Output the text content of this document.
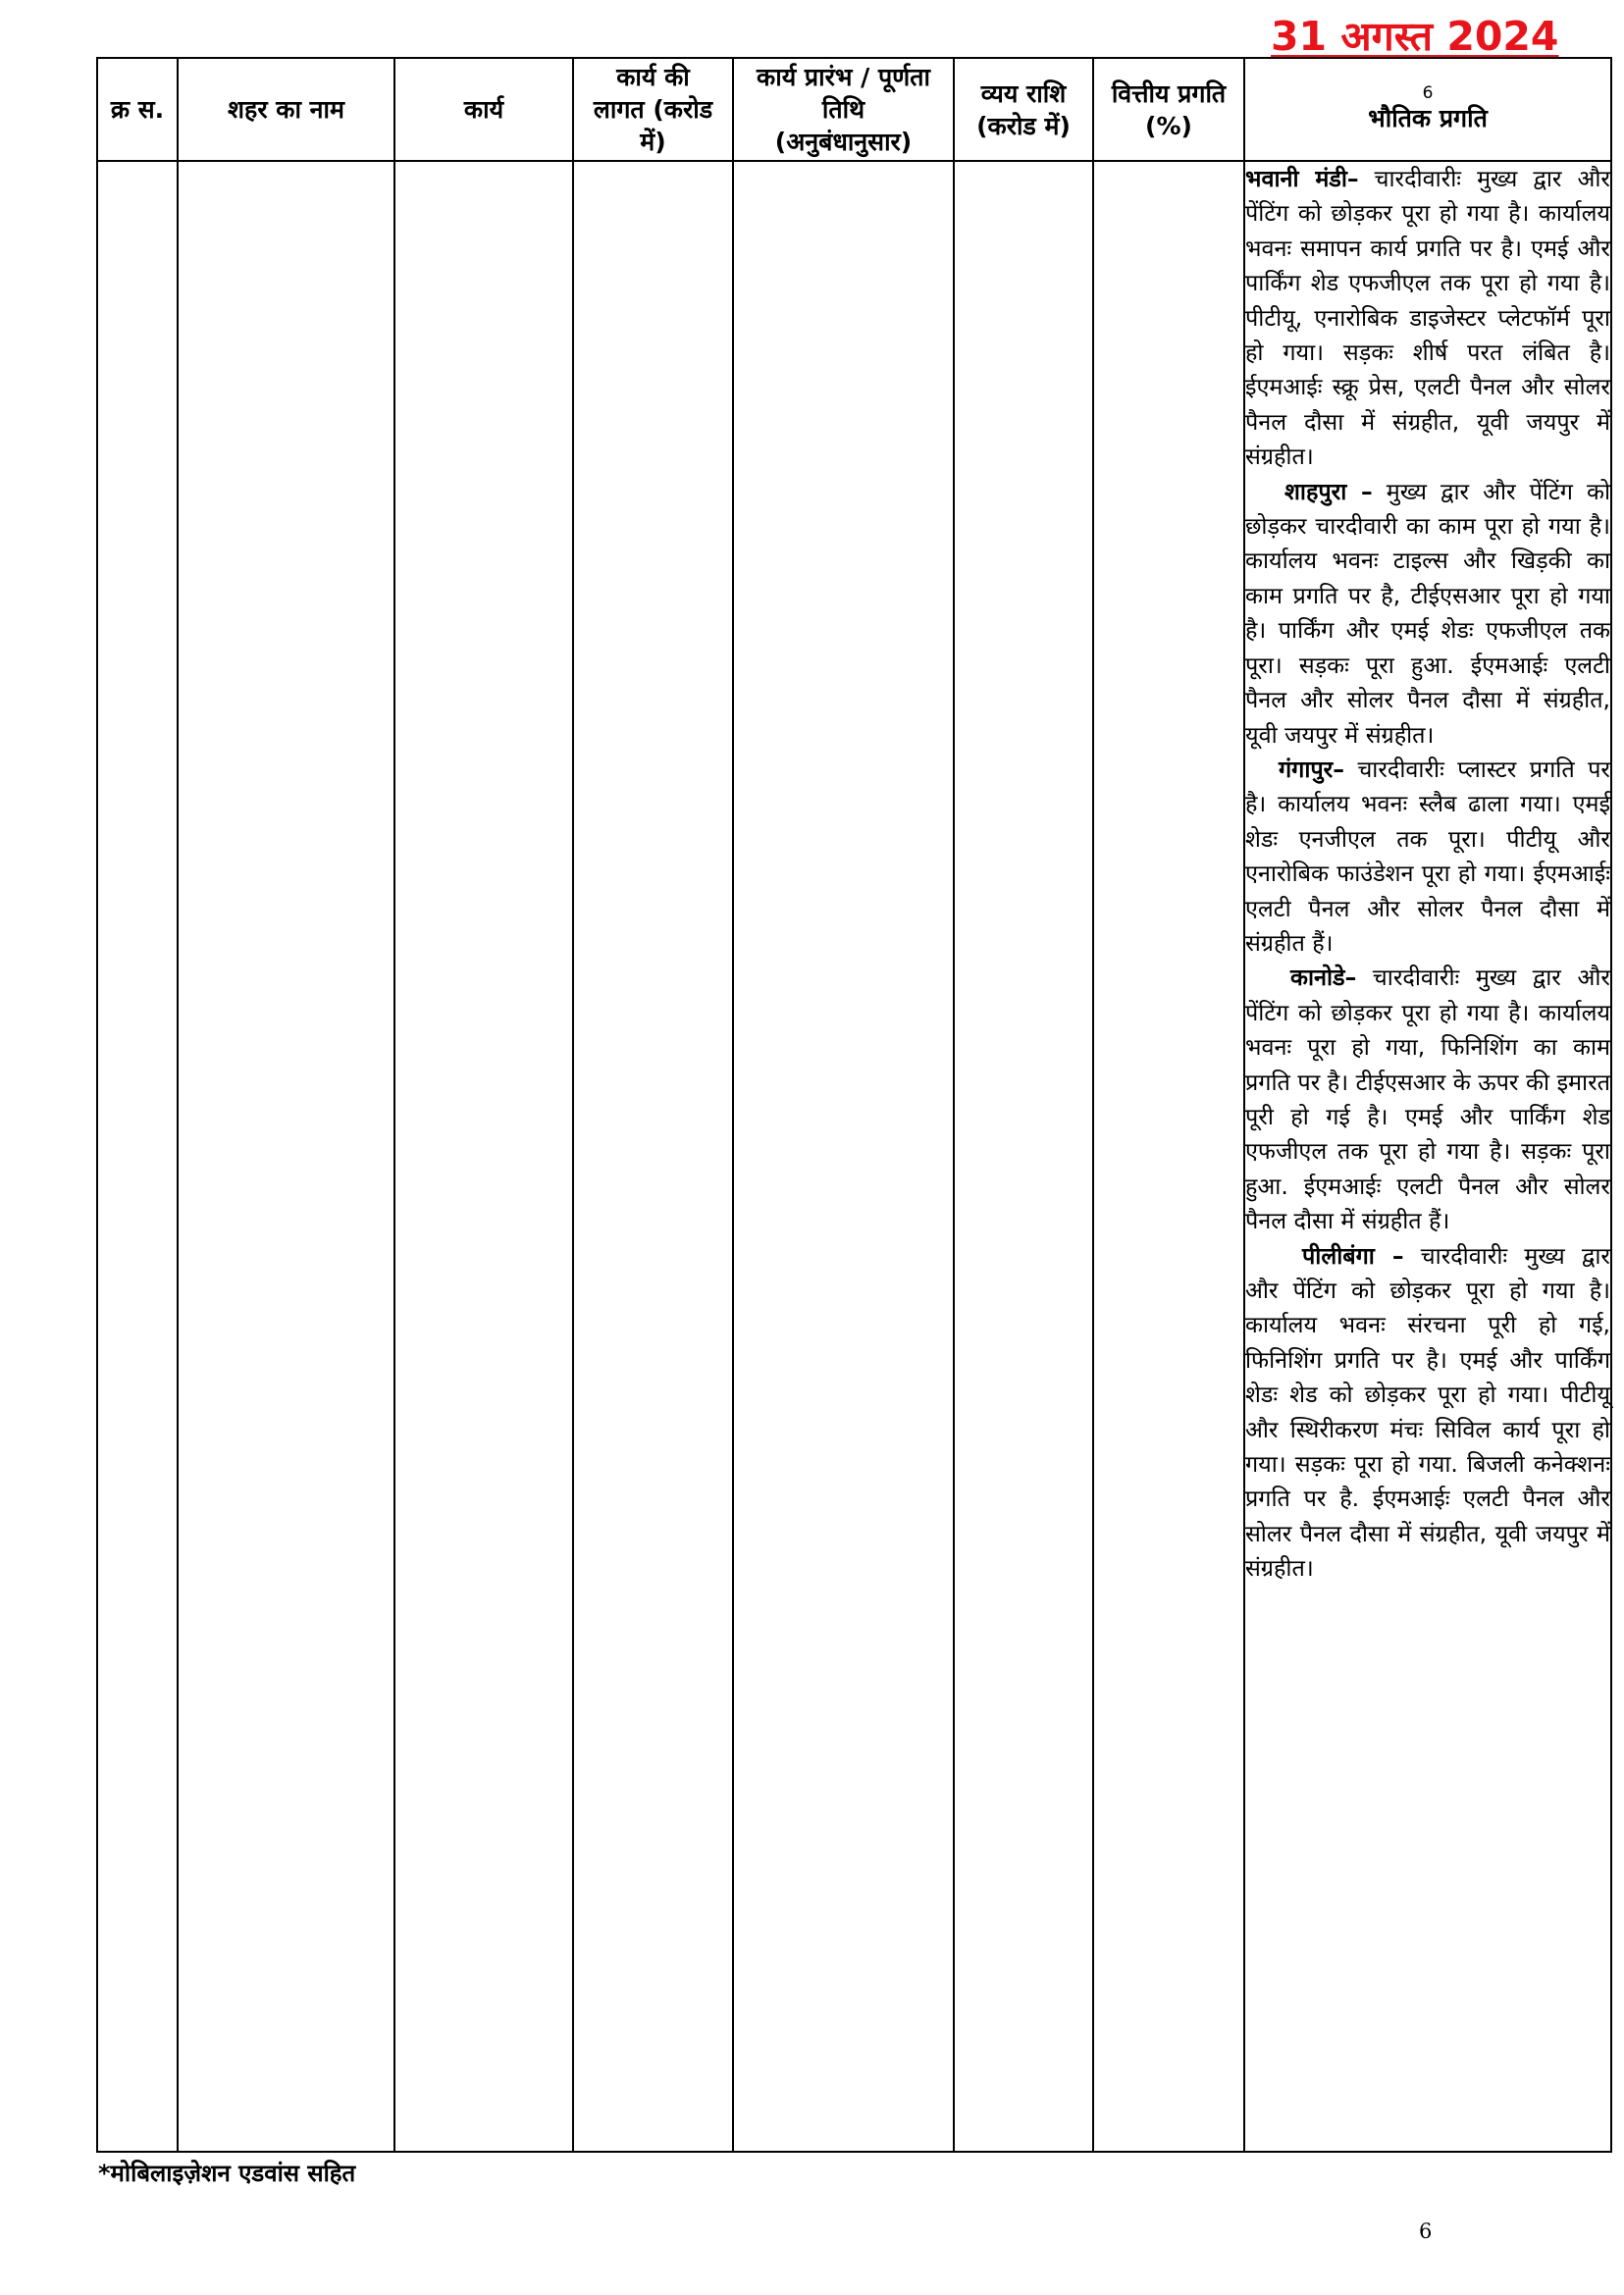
31 अगस्त 2024
क्र स.	शहर का नाम	कार्य	कार्य की लागत (करोड में)	कार्य प्रारंभ / पूर्णता तिथि (अनुबंधानुसार)	व्यय राशि (करोड में)	वित्तीय प्रगति (%)	6
भौतिक प्रगति

							भवानी मंडी– चारदीवारीः मुख्य द्वार और पेंटिंग को छोड़कर पूरा हो गया है। कार्यालय भवनः समापन कार्य प्रगति पर है। एमई और पार्किंग शेड एफजीएल तक पूरा हो गया है। पीटीयू, एनारोबिक डाइजेस्टर प्लेटफॉर्म पूरा हो गया। सड़कः शीर्ष परत लंबित है। ईएमआईः स्क्रू प्रेस, एलटी पैनल और सोलर पैनल दौसा में संग्रहीत, यूवी जयपुर में संग्रहीत।

शाहपुरा – मुख्य द्वार और पेंटिंग को छोड़कर चारदीवारी का काम पूरा हो गया है। कार्यालय भवनः टाइल्स और खिड़की का काम प्रगति पर है, टीईएसआर पूरा हो गया है। पार्किंग और एमई शेडः एफजीएल तक पूरा। सड़कः पूरा हुआ. ईएमआईः एलटी पैनल और सोलर पैनल दौसा में संग्रहीत, यूवी जयपुर में संग्रहीत।

गंगापुर– चारदीवारीः प्लास्टर प्रगति पर है। कार्यालय भवनः स्लैब ढाला गया। एमई शेडः एनजीएल तक पूरा। पीटीयू और एनारोबिक फाउंडेशन पूरा हो गया। ईएमआईः एलटी पैनल और सोलर पैनल दौसा में संग्रहीत हैं।

कानोडे– चारदीवारीः मुख्य द्वार और पेंटिंग को छोड़कर पूरा हो गया है। कार्यालय भवनः पूरा हो गया, फिनिशिंग का काम प्रगति पर है। टीईएसआर के ऊपर की इमारत पूरी हो गई है। एमई और पार्किंग शेड एफजीएल तक पूरा हो गया है। सड़कः पूरा हुआ. ईएमआईः एलटी पैनल और सोलर पैनल दौसा में संग्रहीत हैं।

पीलीबंगा – चारदीवारीः मुख्य द्वार और पेंटिंग को छोड़कर पूरा हो गया है। कार्यालय भवनः संरचना पूरी हो गई, फिनिशिंग प्रगति पर है। एमई और पार्किंग शेडः शेड को छोड़कर पूरा हो गया। पीटीयू और स्थिरीकरण मंचः सिविल कार्य पूरा हो गया। सड़कः पूरा हो गया. बिजली कनेक्शनः प्रगति पर है. ईएमआईः एलटी पैनल और सोलर पैनल दौसा में संग्रहीत, यूवी जयपुर में संग्रहीत।

*मोबिलाइज़ेशन एडवांस सहित
6
